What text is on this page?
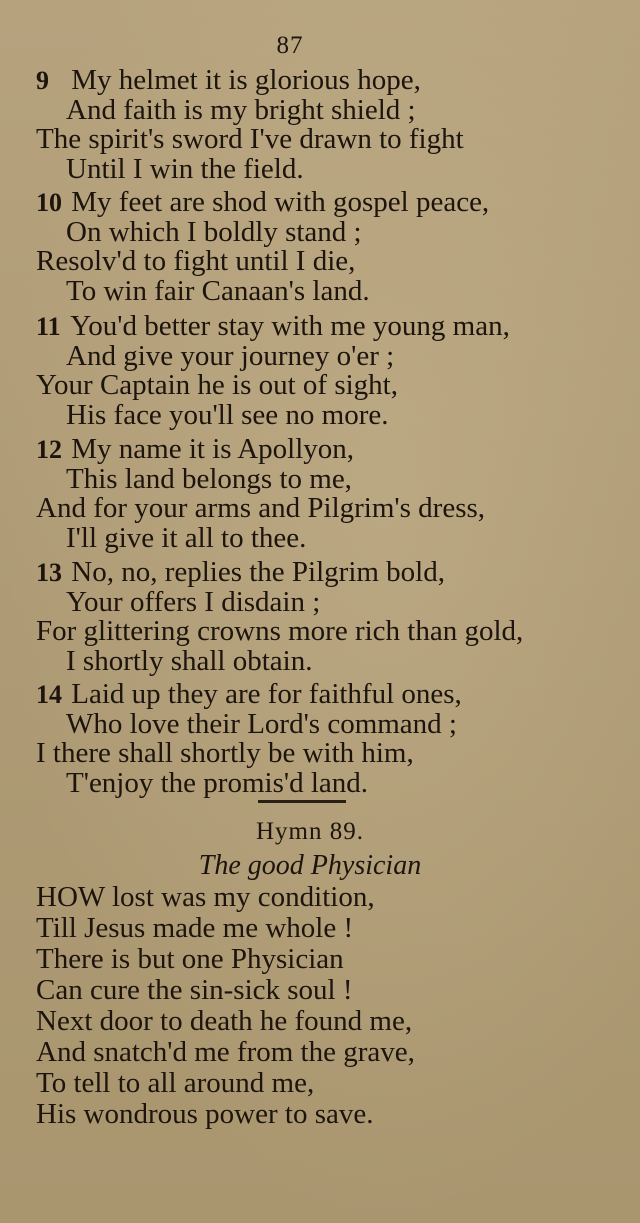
87
9 My helmet it is glorious hope,
And faith is my bright shield ;
The spirit's sword I've drawn to fight
Until I win the field.
10 My feet are shod with gospel peace,
On which I boldly stand ;
Resolv'd to fight until I die,
To win fair Canaan's land.
11 You'd better stay with me young man,
And give your journey o'er ;
Your Captain he is out of sight,
His face you'll see no more.
12 My name it is Apollyon,
This land belongs to me,
And for your arms and Pilgrim's dress,
I'll give it all to thee.
13 No, no, replies the Pilgrim bold,
Your offers I disdain ;
For glittering crowns more rich than gold,
I shortly shall obtain.
14 Laid up they are for faithful ones,
Who love their Lord's command ;
I there shall shortly be with him,
T'enjoy the promis'd land.
Hymn 89.
The good Physician
HOW lost was my condition,
Till Jesus made me whole !
There is but one Physician
Can cure the sin-sick soul !
Next door to death he found me,
And snatch'd me from the grave,
To tell to all around me,
His wondrous power to save.
